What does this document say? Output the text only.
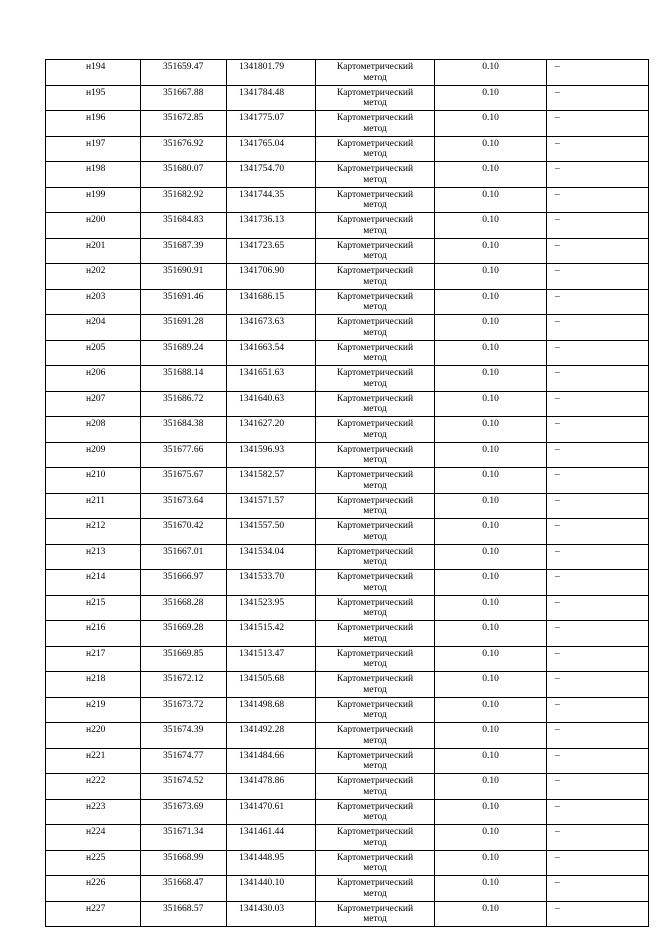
н194	351659.47	1341801.79	Картометрический
метод	0.10	–
н195	351667.88	1341784.48	Картометрический
метод	0.10	–
н196	351672.85	1341775.07	Картометрический
метод	0.10	–
н197	351676.92	1341765.04	Картометрический
метод	0.10	–
н198	351680.07	1341754.70	Картометрический
метод	0.10	–
н199	351682.92	1341744.35	Картометрический
метод	0.10	–
н200	351684.83	1341736.13	Картометрический
метод	0.10	–
н201	351687.39	1341723.65	Картометрический
метод	0.10	–
н202	351690.91	1341706.90	Картометрический
метод	0.10	–
н203	351691.46	1341686.15	Картометрический
метод	0.10	–
н204	351691.28	1341673.63	Картометрический
метод	0.10	–
н205	351689.24	1341663.54	Картометрический
метод	0.10	–
н206	351688.14	1341651.63	Картометрический
метод	0.10	–
н207	351686.72	1341640.63	Картометрический
метод	0.10	–
н208	351684.38	1341627.20	Картометрический
метод	0.10	–
н209	351677.66	1341596.93	Картометрический
метод	0.10	–
н210	351675.67	1341582.57	Картометрический
метод	0.10	–
н211	351673.64	1341571.57	Картометрический
метод	0.10	–
н212	351670.42	1341557.50	Картометрический
метод	0.10	–
н213	351667.01	1341534.04	Картометрический
метод	0.10	–
н214	351666.97	1341533.70	Картометрический
метод	0.10	–
н215	351668.28	1341523.95	Картометрический
метод	0.10	–
н216	351669.28	1341515.42	Картометрический
метод	0.10	–
н217	351669.85	1341513.47	Картометрический
метод	0.10	–
н218	351672.12	1341505.68	Картометрический
метод	0.10	–
н219	351673.72	1341498.68	Картометрический
метод	0.10	–
н220	351674.39	1341492.28	Картометрический
метод	0.10	–
н221	351674.77	1341484.66	Картометрический
метод	0.10	–
н222	351674.52	1341478.86	Картометрический
метод	0.10	–
н223	351673.69	1341470.61	Картометрический
метод	0.10	–
н224	351671.34	1341461.44	Картометрический
метод	0.10	–
н225	351668.99	1341448.95	Картометрический
метод	0.10	–
н226	351668.47	1341440.10	Картометрический
метод	0.10	–
н227	351668.57	1341430.03	Картометрический
метод	0.10	–
